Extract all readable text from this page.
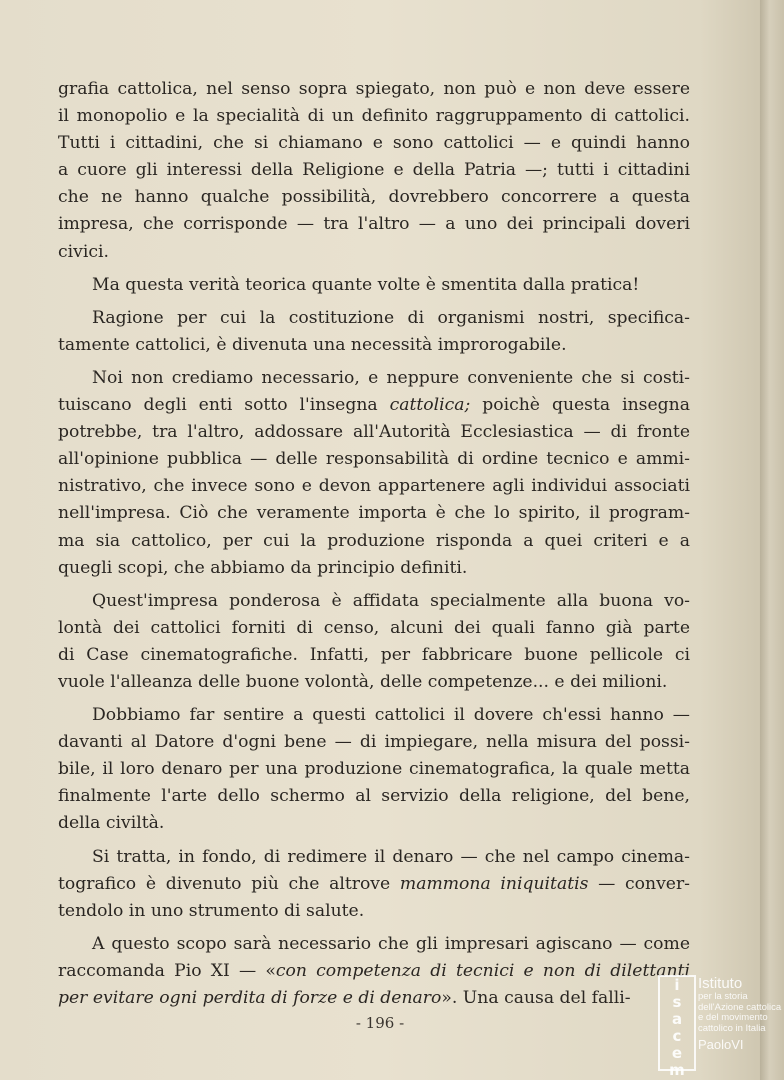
grafia cattolica, nel senso sopra spiegato, non può e non deve essere
il monopolio e la specialità di un definito raggruppamento di cattolici.
Tutti i cittadini, che si chiamano e sono cattolici — e quindi hanno
a cuore gli interessi della Religione e della Patria —; tutti i cittadini
che ne hanno qualche possibilità, dovrebbero concorrere a questa
impresa, che corrisponde — tra l'altro — a uno dei principali doveri
civici.

Ma questa verità teorica quante volte è smentita dalla pratica!

Ragione per cui la costituzione di organismi nostri, specifica-
tamente cattolici, è divenuta una necessità improrogabile.

Noi non crediamo necessario, e neppure conveniente che si costi-
tuiscano degli enti sotto l'insegna cattolica; poichè questa insegna
potrebbe, tra l'altro, addossare all'Autorità Ecclesiastica — di fronte
all'opinione pubblica — delle responsabilità di ordine tecnico e ammi-
nistrativo, che invece sono e devon appartenere agli individui associati
nell'impresa. Ciò che veramente importa è che lo spirito, il program-
ma sia cattolico, per cui la produzione risponda a quei criteri e a
quegli scopi, che abbiamo da principio definiti.

Quest'impresa ponderosa è affidata specialmente alla buona vo-
lontà dei cattolici forniti di censo, alcuni dei quali fanno già parte
di Case cinematografiche. Infatti, per fabbricare buone pellicole ci
vuole l'alleanza delle buone volontà, delle competenze... e dei milioni.

Dobbiamo far sentire a questi cattolici il dovere ch'essi hanno —
davanti al Datore d'ogni bene — di impiegare, nella misura del possi-
bile, il loro denaro per una produzione cinematografica, la quale metta
finalmente l'arte dello schermo al servizio della religione, del bene,
della civiltà.

Si tratta, in fondo, di redimere il denaro — che nel campo cinema-
tografico è divenuto più che altrove mammona iniquitatis — conver-
tendolo in uno strumento di salute.

A questo scopo sarà necessario che gli impresari agiscano — come
raccomanda Pio XI — «con competenza di tecnici e non di dilettanti
per evitare ogni perdita di forze e di denaro». Una causa del falli-

- 196 -
i
s
a
c
e
m
Istituto
per la storia
dell'Azione cattolica
e del movimento
cattolico in Italia
PaoloVI
